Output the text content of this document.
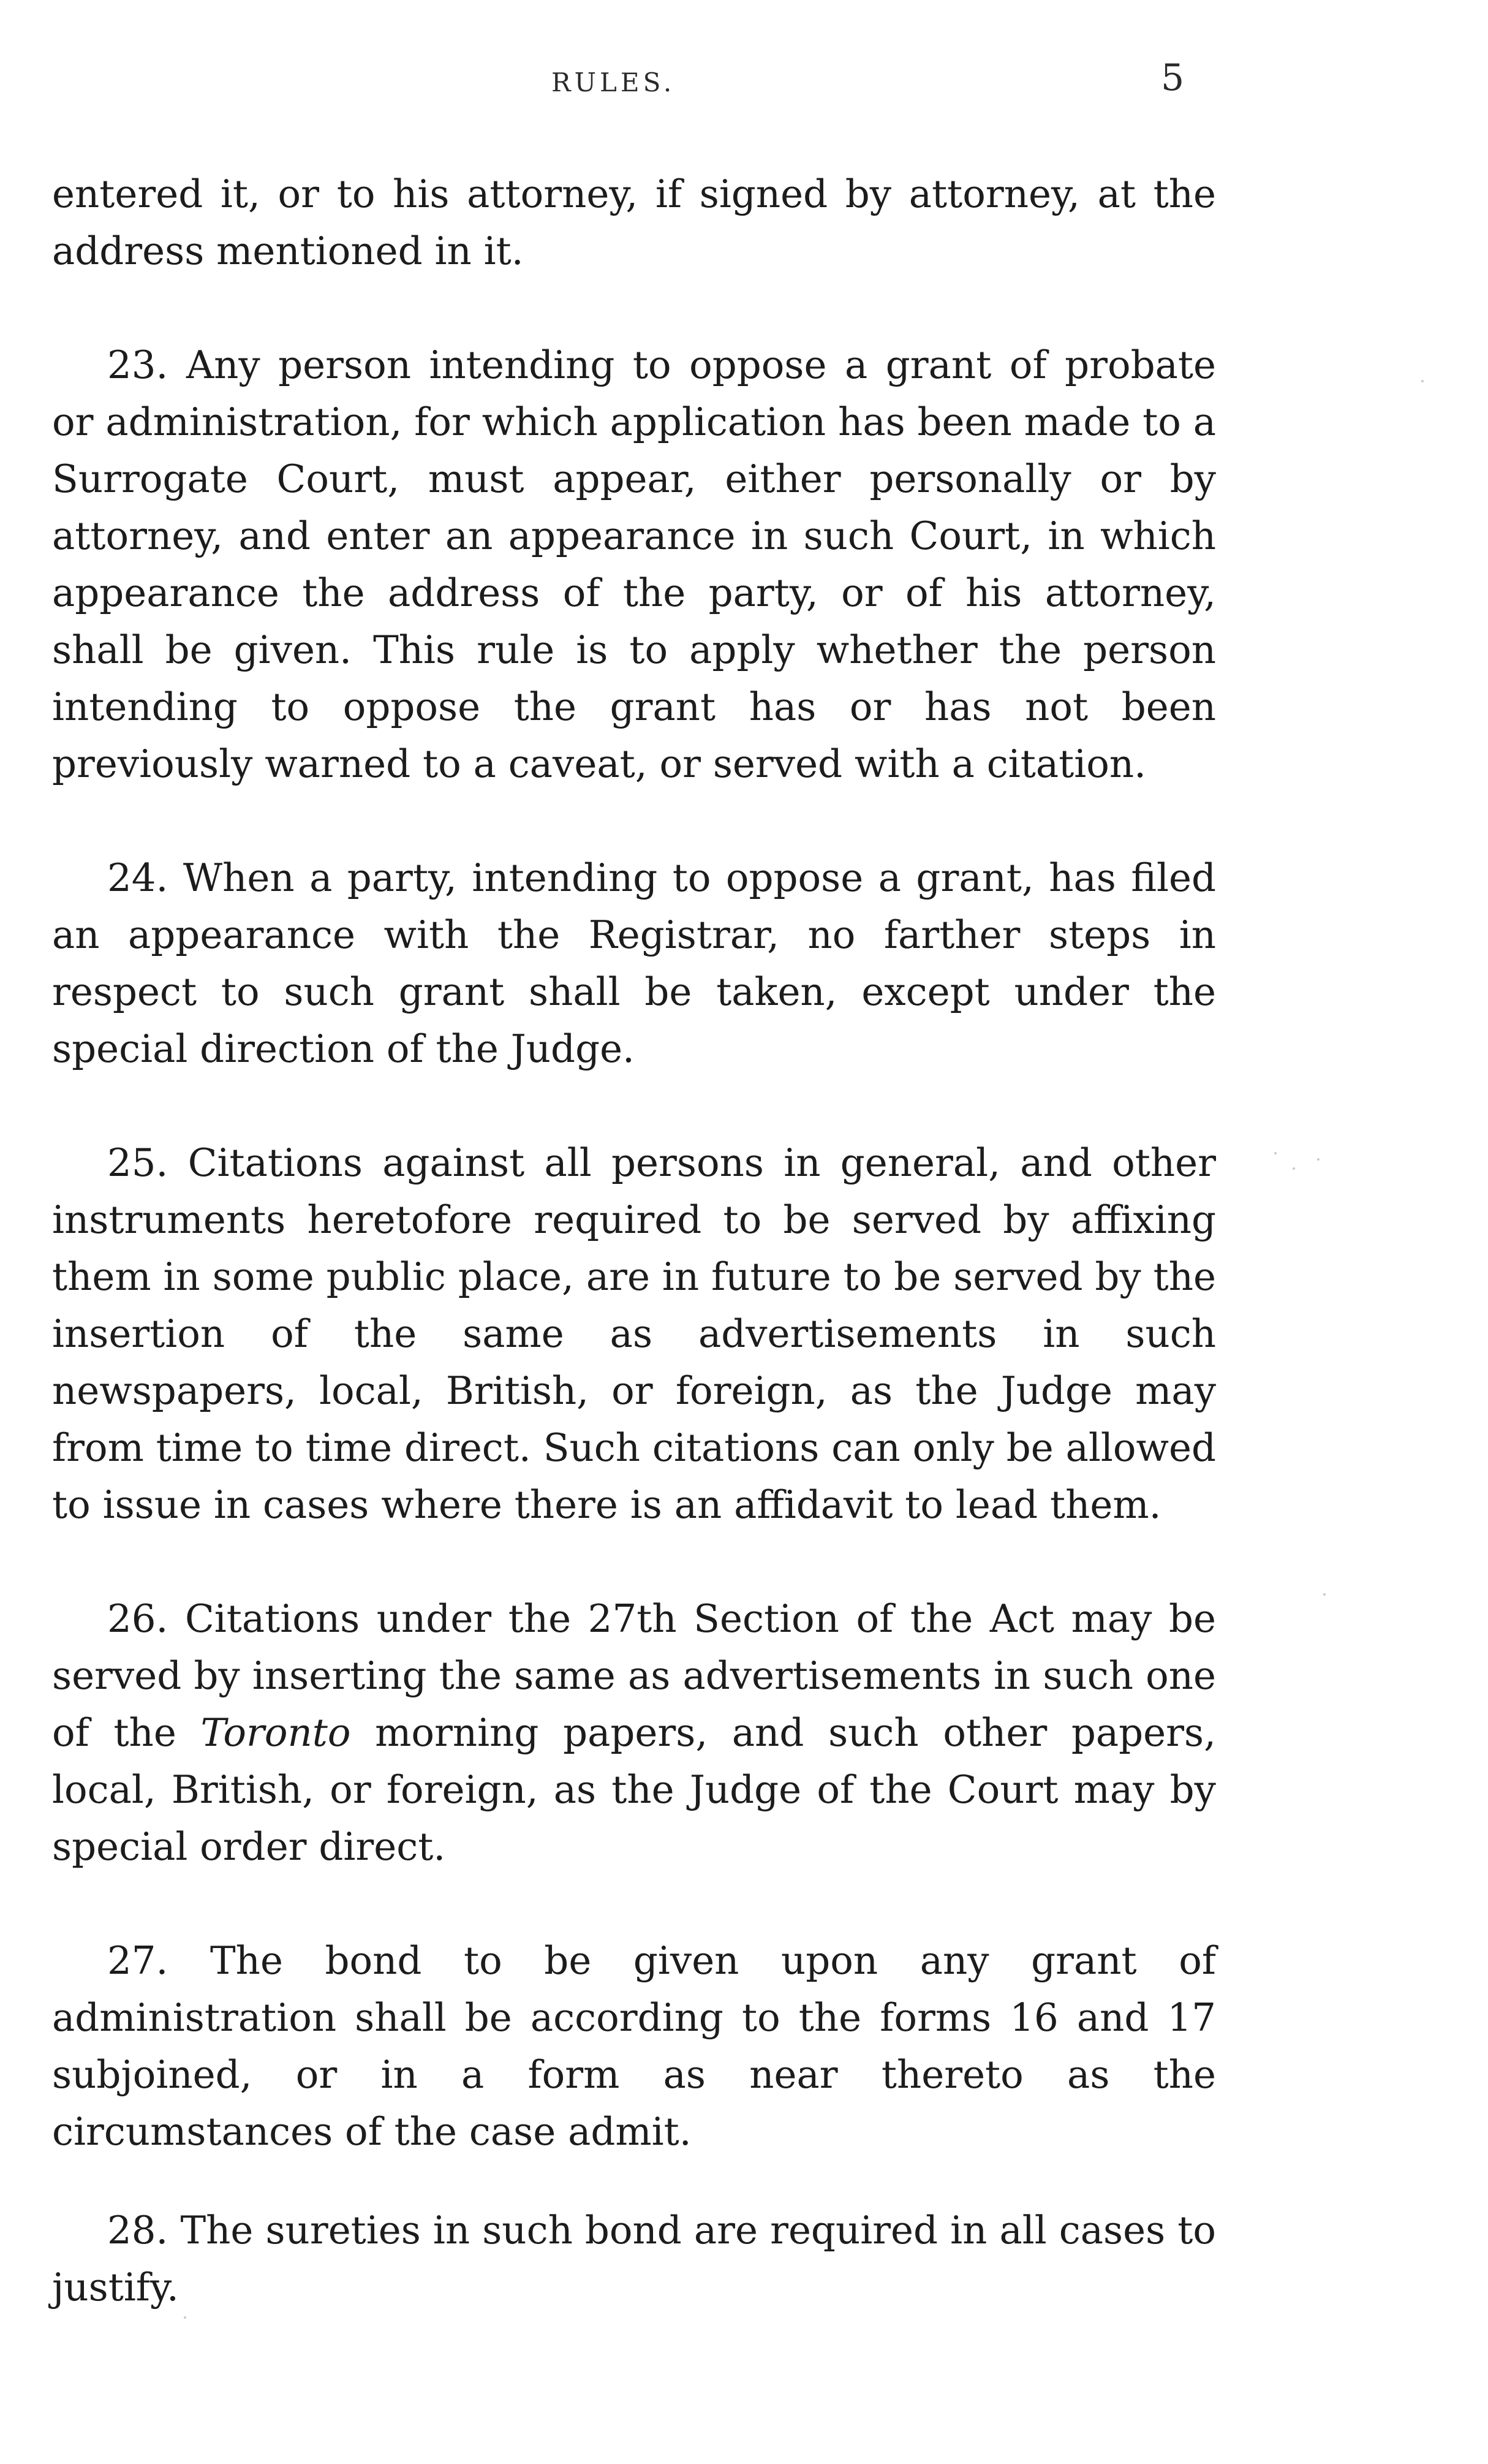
RULES.	5

entered it, or to his attorney, if signed by attorney, at the address mentioned in it.

23. Any person intending to oppose a grant of probate or administration, for which application has been made to a Surrogate Court, must appear, either personally or by attorney, and enter an appearance in such Court, in which appearance the address of the party, or of his attorney, shall be given. This rule is to apply whether the person intending to oppose the grant has or has not been previously warned to a caveat, or served with a citation.

24. When a party, intending to oppose a grant, has filed an appearance with the Registrar, no farther steps in respect to such grant shall be taken, except under the special direction of the Judge.

25. Citations against all persons in general, and other instruments heretofore required to be served by affixing them in some public place, are in future to be served by the insertion of the same as advertisements in such newspapers, local, British, or foreign, as the Judge may from time to time direct. Such citations can only be allowed to issue in cases where there is an affidavit to lead them.

26. Citations under the 27th Section of the Act may be served by inserting the same as advertisements in such one of the Toronto morning papers, and such other papers, local, British, or foreign, as the Judge of the Court may by special order direct.

27. The bond to be given upon any grant of administration shall be according to the forms 16 and 17 subjoined, or in a form as near thereto as the circumstances of the case admit.

28. The sureties in such bond are required in all cases to justify.
